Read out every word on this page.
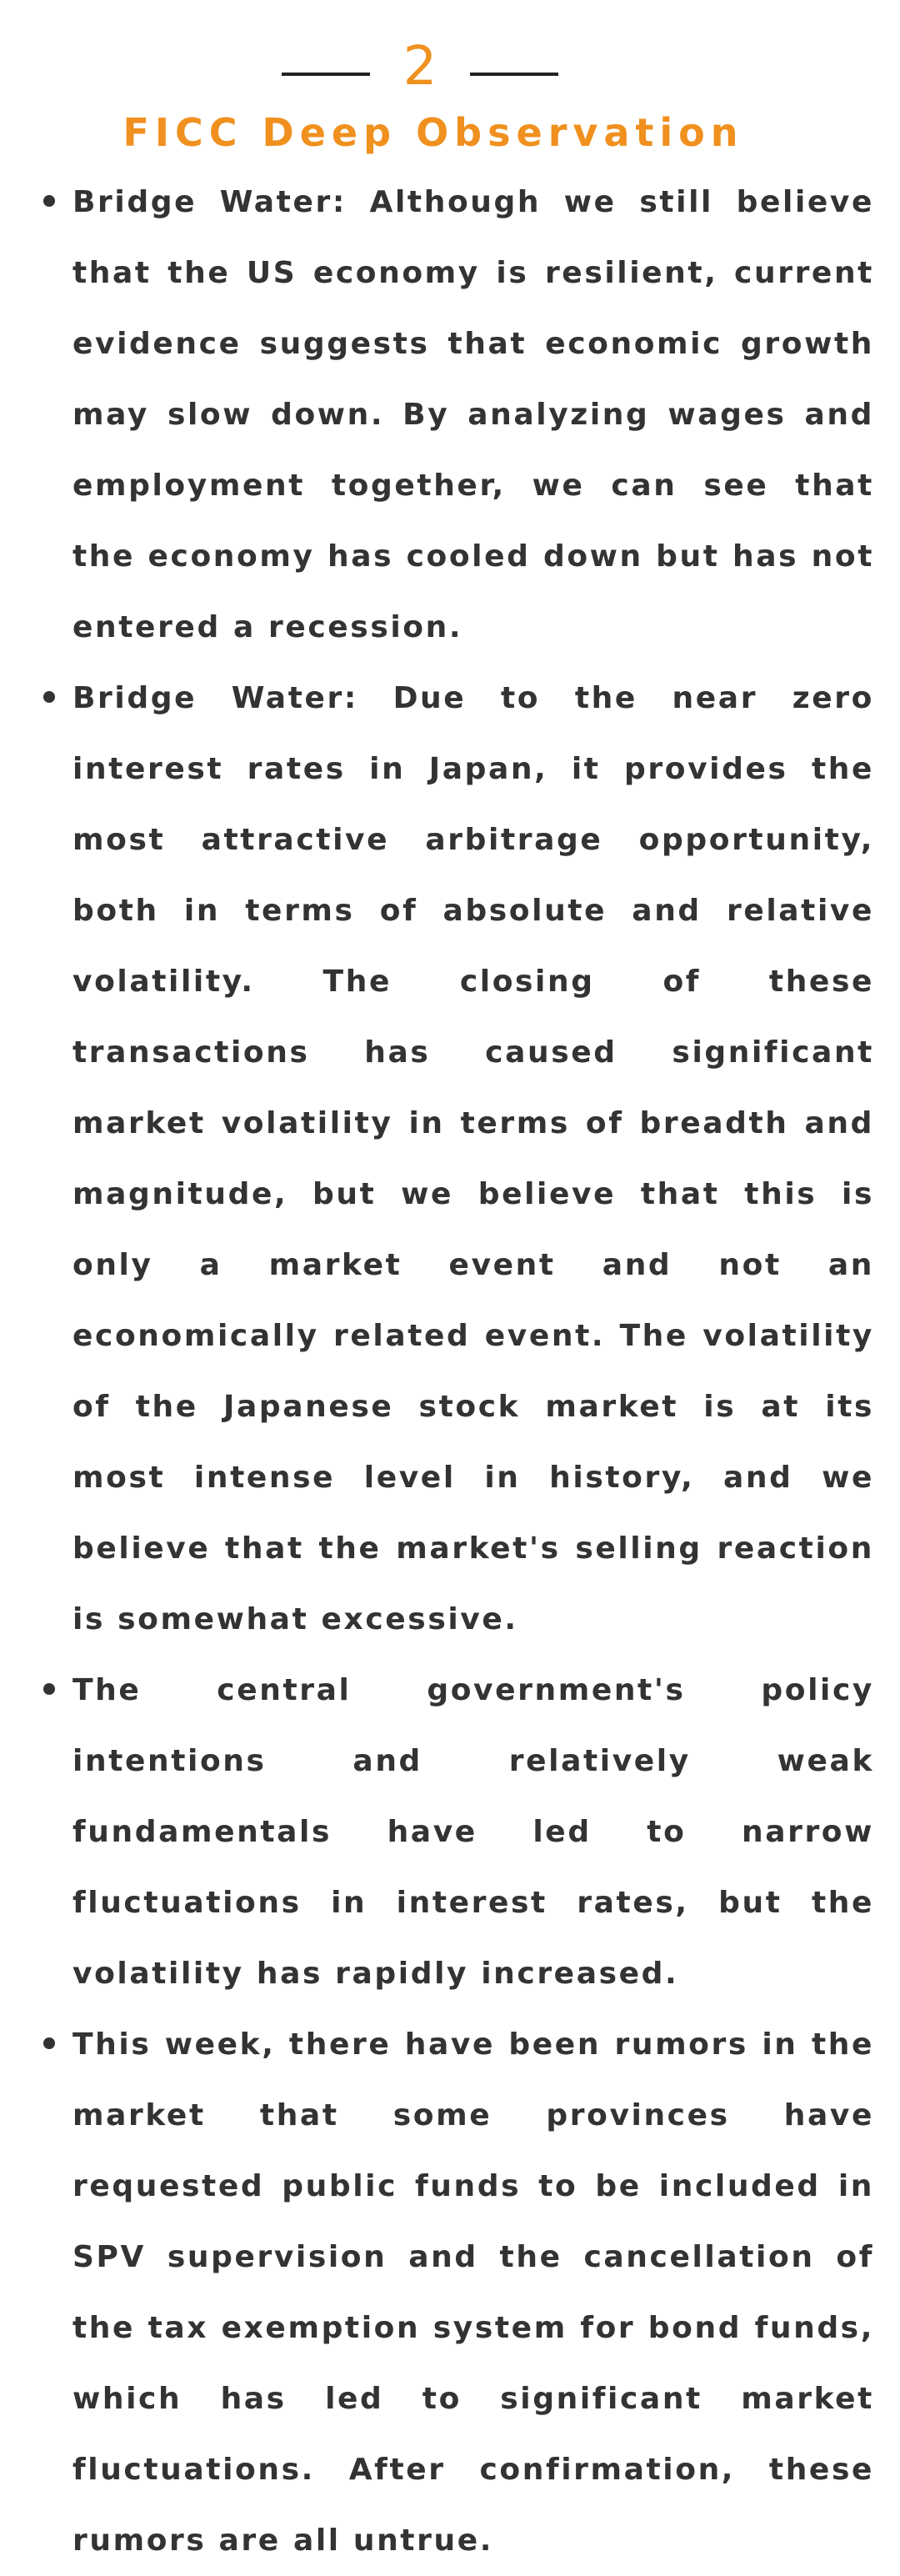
2
FICC Deep Observation
Bridge Water: Although we still believe that the US economy is resilient, current evidence suggests that economic growth may slow down. By analyzing wages and employment together, we can see that the economy has cooled down but has not entered a recession.
Bridge Water: Due to the near zero interest rates in Japan, it provides the most attractive arbitrage opportunity, both in terms of absolute and relative volatility. The closing of these transactions has caused significant market volatility in terms of breadth and magnitude, but we believe that this is only a market event and not an economically related event. The volatility of the Japanese stock market is at its most intense level in history, and we believe that the market's selling reaction is somewhat excessive.
The central government's policy intentions and relatively weak fundamentals have led to narrow fluctuations in interest rates, but the volatility has rapidly increased.
This week, there have been rumors in the market that some provinces have requested public funds to be included in SPV supervision and the cancellation of the tax exemption system for bond funds, which has led to significant market fluctuations. After confirmation, these rumors are all untrue.
